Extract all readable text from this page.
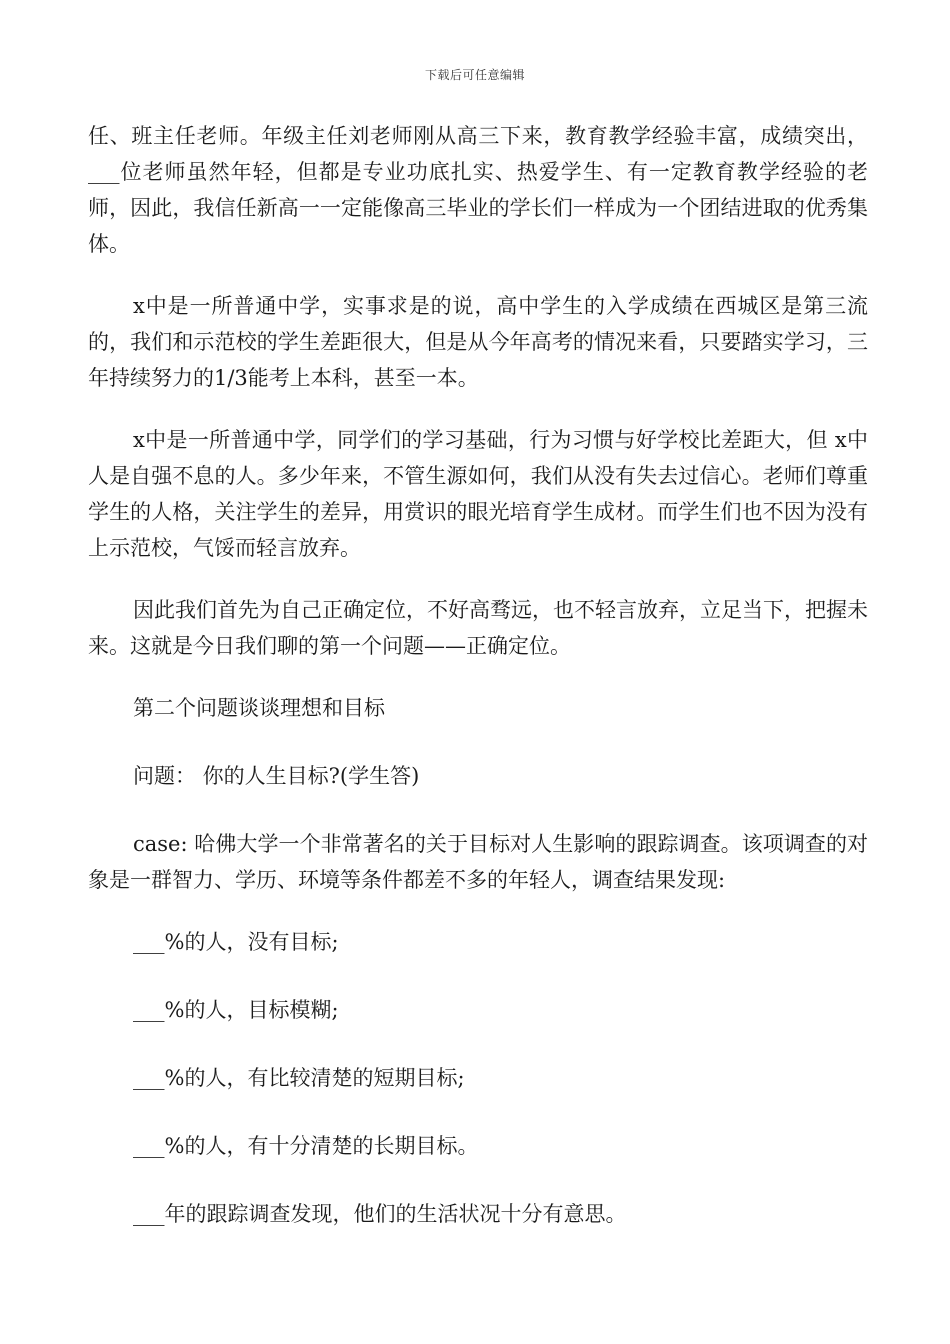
下载后可任意编辑

任、班主任老师。年级主任刘老师刚从高三下来，教育教学经验丰富，成绩突出，___位老师虽然年轻，但都是专业功底扎实、热爱学生、有一定教育教学经验的老师，因此，我信任新高一一定能像高三毕业的学长们一样成为一个团结进取的优秀集体。

x中是一所普通中学，实事求是的说，高中学生的入学成绩在西城区是第三流的，我们和示范校的学生差距很大，但是从今年高考的情况来看，只要踏实学习，三年持续努力的1/3能考上本科，甚至一本。

x中是一所普通中学，同学们的学习基础，行为习惯与好学校比差距大，但 x中人是自强不息的人。多少年来，不管生源如何，我们从没有失去过信心。老师们尊重学生的人格，关注学生的差异，用赏识的眼光培育学生成材。而学生们也不因为没有上示范校，气馁而轻言放弃。

因此我们首先为自己正确定位，不好高骛远，也不轻言放弃，立足当下，把握未来。这就是今日我们聊的第一个问题——正确定位。

第二个问题谈谈理想和目标

问题： 你的人生目标?(学生答)

case: 哈佛大学一个非常著名的关于目标对人生影响的跟踪调查。该项调查的对象是一群智力、学历、环境等条件都差不多的年轻人，调查结果发现:

___%的人，没有目标;

___%的人，目标模糊;

___%的人，有比较清楚的短期目标;

___%的人，有十分清楚的长期目标。

___年的跟踪调查发现，他们的生活状况十分有意思。
